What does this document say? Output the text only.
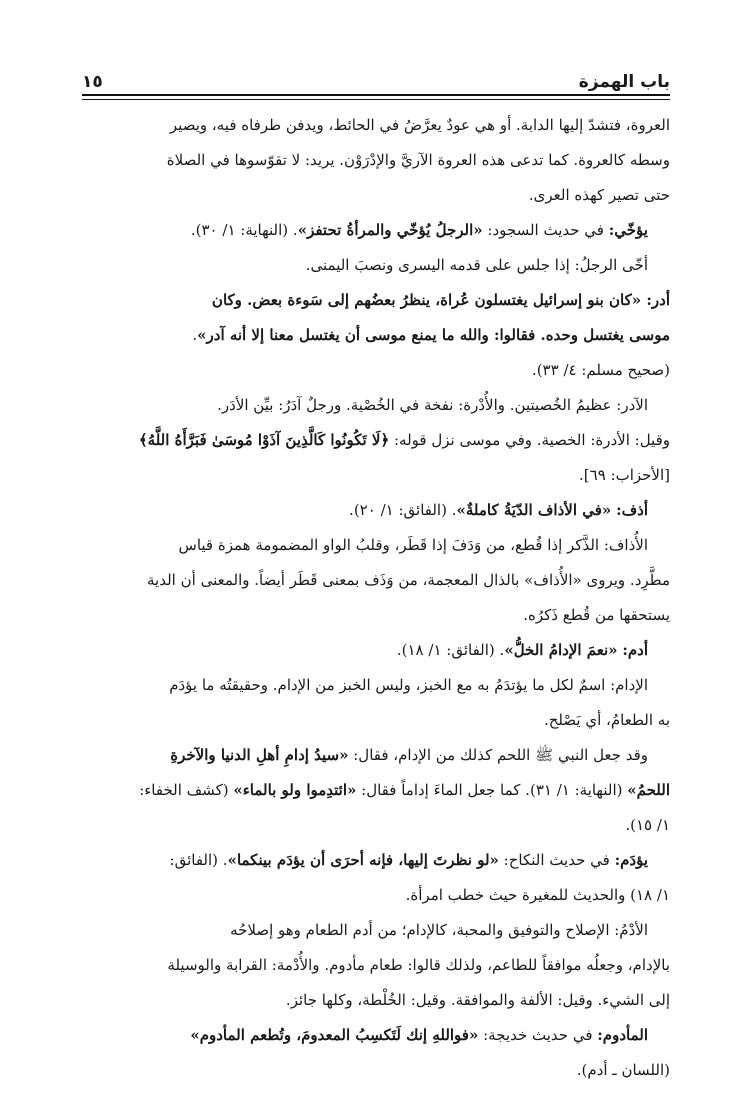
باب الهمزة
١٥

العروة، فتشدّ إليها الدابة. أو هي عودٌ يعرَّضُ في الحائط، ويدفن طرفاه فيه، ويصير

وسطه كالعروة. كما تدعى هذه العروة الآريَّ والإدْرَوْن. يريد: لا تقوّسوها في الصلاة

حتى تصير كهذه العرى.

يؤخّي: في حديث السجود: «الرجلُ يُؤخّي والمرأةُ تحتفز». (النهاية: ١/ ٣٠).

أخّى الرجلُ: إذا جلس على قدمه اليسرى ونصبَ اليمنى.

أدر: «كان بنو إسرائيل يغتسلون عُراة، ينظرُ بعضُهم إلى سَوءة بعض. وكان

موسى يغتسل وحده. فقالوا: والله ما يمنع موسى أن يغتسل معنا إلا أنه آدر».

(صحيح مسلم: ٤/ ٣٣).

الآدر: عظيمُ الخُصيتين. والأُدْرة: نفخة في الخُصْية. ورجلٌ آدَرُ: بيِّن الأدَر.

وقيل: الأدرة: الخصية. وفي موسى نزل قوله: ﴿لَا تَكُونُوا كَالَّذِينَ آذَوْا مُوسَىٰ فَبَرَّأَهُ اللَّهُ﴾

[الأحزاب: ٦٩].

أذف: «في الأذاف الدّيَةُ كاملةٌ». (الفائق: ١/ ٢٠).

الأُذاف: الذَّكر إذا قُطع، من وَدَفَ إذا قَطَر، وقلبُ الواو المضمومة همزة قياس

مطَّرِد. ويروى «الأُذاف» بالذال المعجمة، من وَذَف بمعنى قَطَر أيضاً. والمعنى أن الدية

يستحقها من قُطع ذَكرُه.

أدم: «نعمَ الإدامُ الخلُّ». (الفائق: ١/ ١٨).

الإدام: اسمٌ لكل ما يؤتدَمُ به مع الخبز، وليس الخبز من الإدام. وحقيقتُه ما يؤدَم

به الطعامُ، أي يَصْلح.

وقد جعل النبي ﷺ اللحم كذلك من الإدام، فقال: «سيدُ إدامِ أهلِ الدنيا والآخرةِ

اللحمُ» (النهاية: ١/ ٣١). كما جعل الماءَ إداماً فقال: «ائتدِموا ولو بالماء» (كشف الخفاء:

١/ ١٥).

يؤدَم: في حديث النكاح: «لو نظرتَ إليها، فإنه أحرَى أن يؤدَم بينكما». (الفائق:

١/ ١٨) والحديث للمغيرة حيث خطب امرأة.

الأدْمُ: الإصلاح والتوفيق والمحبة، كالإدام؛ من أدم الطعام وهو إصلاحُه

بالإدام، وجعلُه موافقاً للطاعم، ولذلك قالوا: طعام مأدوم. والأُدْمة: القرابة والوسيلة

إلى الشيء. وقيل: الألفة والموافقة. وقيل: الخُلْطة، وكلها جائز.

المأدوم: في حديث خديجة: «فواللهِ إنك لَتَكسِبُ المعدومَ، وتُطعم المأدوم»

(اللسان ـ أدم).
